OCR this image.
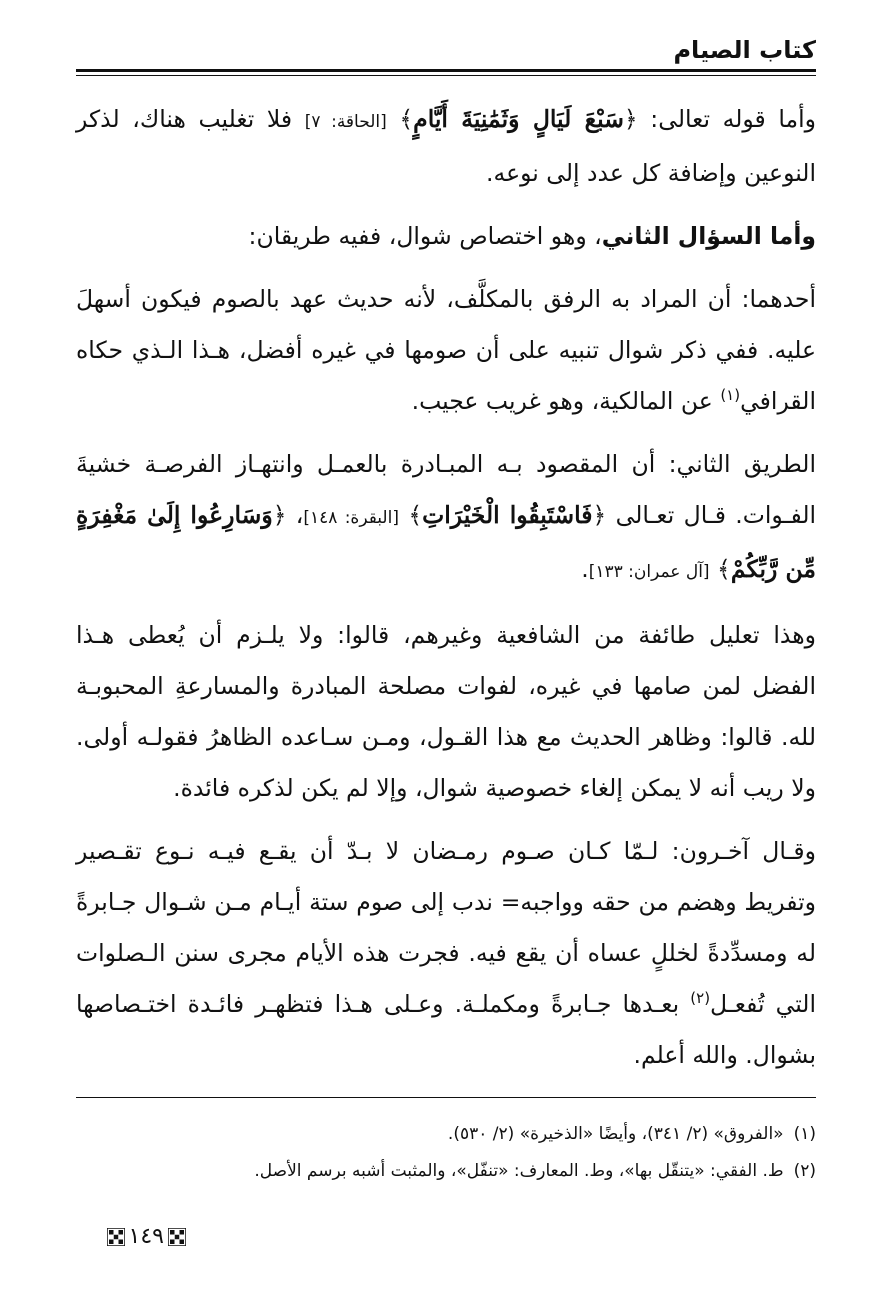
كتاب الصيام

وأما قوله تعالى: ﴿سَبْعَ لَيَالٍ وَثَمَٰنِيَةَ أَيَّامٍ﴾ [الحاقة: ٧] فلا تغليب هناك، لذكر النوعين وإضافة كل عدد إلى نوعه.

وأما السؤال الثاني، وهو اختصاص شوال، ففيه طريقان:

أحدهما: أن المراد به الرفق بالمكلَّف، لأنه حديث عهد بالصوم فيكون أسهلَ عليه. ففي ذكر شوال تنبيه على أن صومها في غيره أفضل، هـذا الـذي حكاه القرافي$^{(١)}$ عن المالكية، وهو غريب عجيب.

الطريق الثاني: أن المقصود بـه المبـادرة بالعمـل وانتهـاز الفرصـة خشيةَ الفـوات. قـال تعـالى ﴿فَاسْتَبِقُوا الْخَيْرَاتِ﴾ [البقرة: ١٤٨]، ﴿وَسَارِعُوا إِلَىٰ مَغْفِرَةٍ مِّن رَّبِّكُمْ﴾ [آل عمران: ١٣٣].

وهذا تعليل طائفة من الشافعية وغيرهم، قالوا: ولا يلـزم أن يُعطى هـذا الفضل لمن صامها في غيره، لفوات مصلحة المبادرة والمسارعةِ المحبوبـة لله. قالوا: وظاهر الحديث مع هذا القـول، ومـن سـاعده الظاهرُ فقولـه أولى. ولا ريب أنه لا يمكن إلغاء خصوصية شوال، وإلا لم يكن لذكره فائدة.

وقـال آخـرون: لـمّا كـان صـوم رمـضان لا بـدّ أن يقـع فيـه نـوع تقـصير وتفريط وهضم من حقه وواجبه= ندب إلى صوم ستة أيـام مـن شـوال جـابرةً له ومسدِّدةً لخللٍ عساه أن يقع فيه. فجرت هذه الأيام مجرى سنن الـصلوات التي تُفعـل$^{(٢)}$ بعـدها جـابرةً ومكملـة. وعـلى هـذا فتظهـر فائـدة اختـصاصها بشوال. والله أعلم.

(١)«الفروق» (٢/ ٣٤١)، وأيضًا «الذخيرة» (٢/ ٥٣٠).

(٢)ط. الفقي: «يتنقّل بها»، وط. المعارف: «تنفّل»، والمثبت أشبه برسم الأصل.

١٤٩
